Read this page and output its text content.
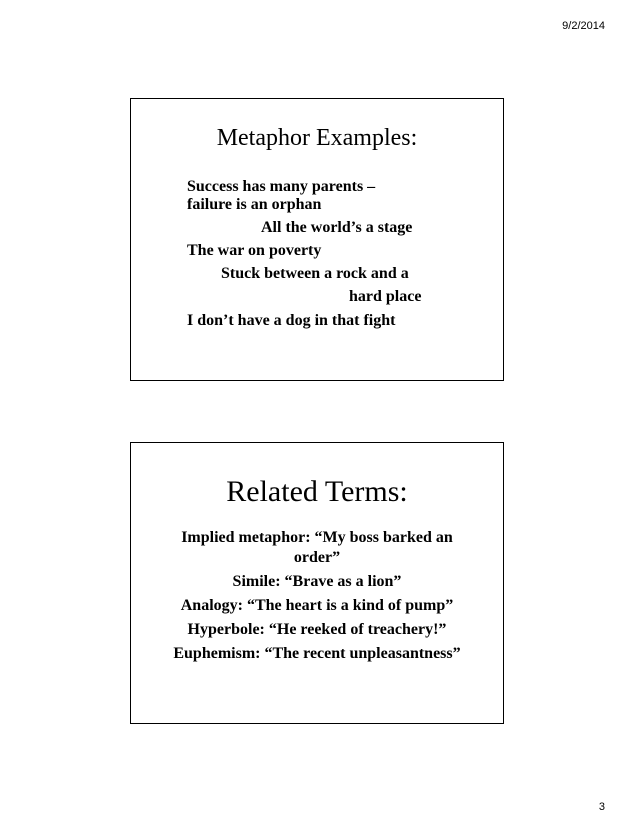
9/2/2014
Metaphor Examples:
Success has many parents –
failure is an orphan
All the world’s a stage
The war on poverty
Stuck between a rock and a
hard place
I don’t have a dog in that fight
Related Terms:
Implied metaphor: “My boss barked an
order”
Simile: “Brave as a lion”
Analogy: “The heart is a kind of pump”
Hyperbole: “He reeked of treachery!”
Euphemism: “The recent unpleasantness”
3
